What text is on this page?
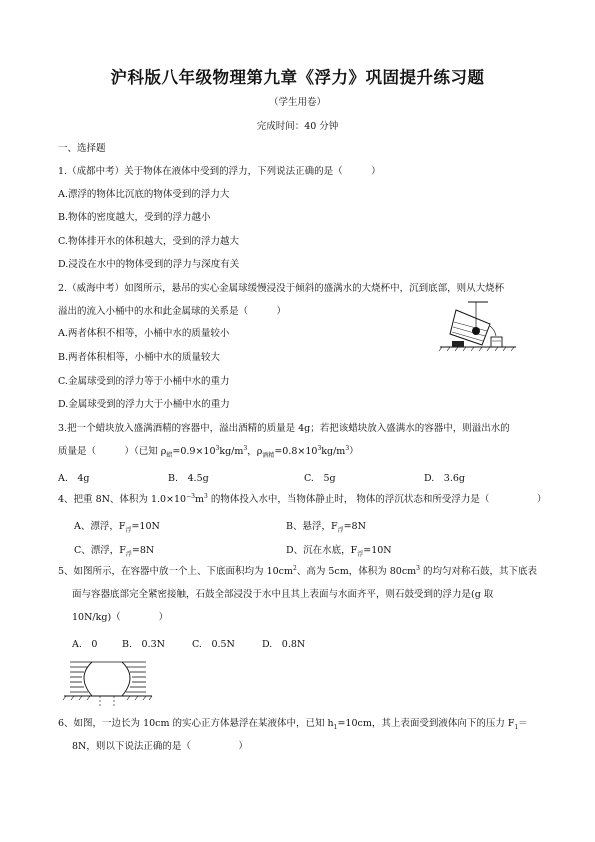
沪科版八年级物理第九章《浮力》巩固提升练习题
（学生用卷）
完成时间：40 分钟
一、选择题
1.（成都中考）关于物体在液体中受到的浮力，下列说法正确的是（　　　）
A.漂浮的物体比沉底的物体受到的浮力大
B.物体的密度越大，受到的浮力越小
C.物体排开水的体积越大，受到的浮力越大
D.浸没在水中的物体受到的浮力与深度有关
2.（威海中考）如图所示，悬吊的实心金属球缓慢浸没于倾斜的盛满水的大烧杯中，沉到底部，则从大烧杯
溢出的流入小桶中的水和此金属球的关系是（　　　）
A.两者体积不相等，小桶中水的质量较小
B.两者体积相等，小桶中水的质量较大
C.金属球受到的浮力等于小桶中水的重力
D.金属球受到的浮力大于小桶中水的重力
3.把一个蜡块放入盛满酒精的容器中，溢出酒精的质量是 4g；若把该蜡块放入盛满水的容器中，则溢出水的
质量是（　　　）（已知 $\rho_蜡=0.9\times 10^3kg/m^3$，$\rho_{酒精}=0.8\times 10^3kg/m^3$）
A.　4g	B.　4.5g	C.　5g	D.　3.6g
4、把重 8N、体积为 $1.0\times 10^{-3}m^3$ 的物体投入水中，当物体静止时， 物体的浮沉状态和所受浮力是（　　　　　）
A、漂浮，$F_浮=10N$	B、悬浮，$F_浮=8N$
C、漂浮，$F_浮=8N$	D、沉在水底，$F_浮=10N$
5、如图所示，在容器中放一个上、下底面积均为 $10cm^2$、高为 5cm，体积为 $80cm^3$ 的均匀对称石鼓，其下底表
面与容器底部完全紧密接触，石鼓全部浸没于水中且其上表面与水面齐平，则石鼓受到的浮力是(g 取
10N/kg)（　　　　）
A.　0	B.　0.3N	C.　0.5N	D.　0.8N
6、如图，一边长为 10cm 的实心正方体悬浮在某液体中，已知 $h_1=10cm$，其上表面受到液体向下的压力 $F_1=$
8N，则以下说法正确的是（　　　　　）
